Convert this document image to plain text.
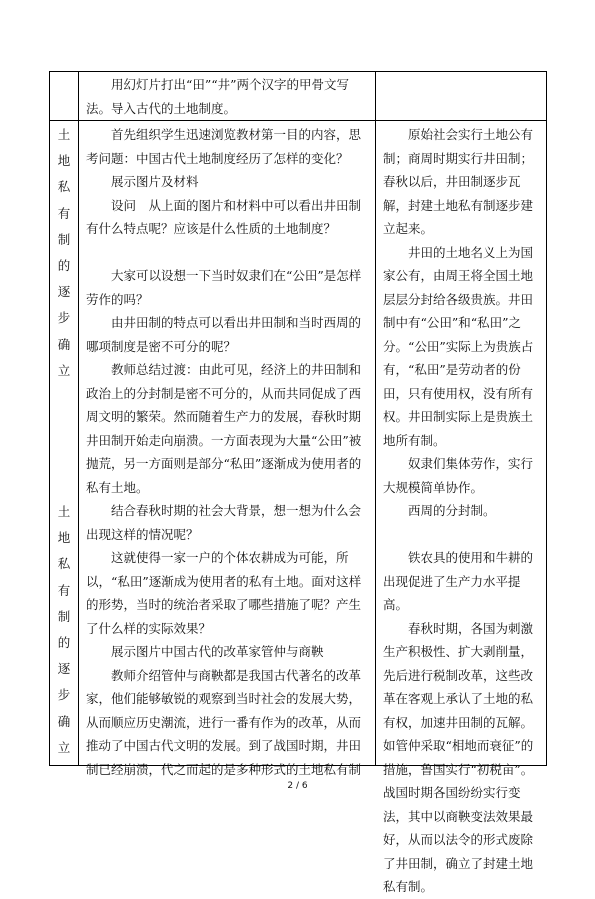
用幻灯片打出“田”“井”两个汉字的甲骨文写法。导入古代的土地制度。

土
地
私
有
制
的
逐
步
确
立
土
地
私
有
制
的
逐
步
确
立

首先组织学生迅速浏览教材第一目的内容，思考问题：中国古代土地制度经历了怎样的变化？

展示图片及材料

设问　从上面的图片和材料中可以看出井田制有什么特点呢？应该是什么性质的土地制度？

大家可以设想一下当时奴隶们在“公田”是怎样劳作的吗？

由井田制的特点可以看出井田制和当时西周的哪项制度是密不可分的呢？

教师总结过渡：由此可见，经济上的井田制和政治上的分封制是密不可分的，从而共同促成了西周文明的繁荣。然而随着生产力的发展，春秋时期井田制开始走向崩溃。一方面表现为大量“公田”被抛荒，另一方面则是部分“私田”逐渐成为使用者的私有土地。

结合春秋时期的社会大背景，想一想为什么会出现这样的情况呢？

这就使得一家一户的个体农耕成为可能，所以，“私田”逐渐成为使用者的私有土地。面对这样的形势，当时的统治者采取了哪些措施了呢？产生了什么样的实际效果？

展示图片中国古代的改革家管仲与商鞅

教师介绍管仲与商鞅都是我国古代著名的改革家，他们能够敏锐的观察到当时社会的发展大势，从而顺应历史潮流，进行一番有作为的改革，从而推动了中国古代文明的发展。到了战国时期，井田制已经崩溃，代之而起的是多种形式的土地私有制

原始社会实行土地公有制；商周时期实行井田制；春秋以后，井田制逐步瓦解，封建土地私有制逐步建立起来。

井田的土地名义上为国家公有，由周王将全国土地层层分封给各级贵族。井田制中有“公田”和“私田”之分。“公田”实际上为贵族占有，“私田”是劳动者的份田，只有使用权，没有所有权。井田制实际上是贵族土地所有制。

奴隶们集体劳作，实行大规模简单协作。

西周的分封制。

铁农具的使用和牛耕的出现促进了生产力水平提高。

春秋时期，各国为刺激生产积极性、扩大剥削量，先后进行税制改革，这些改革在客观上承认了土地的私有权，加速井田制的瓦解。如管仲采取“相地而衰征”的措施，鲁国实行“初税亩”。战国时期各国纷纷实行变法，其中以商鞅变法效果最好，从而以法令的形式废除了井田制，确立了封建土地私有制。

2 / 6
